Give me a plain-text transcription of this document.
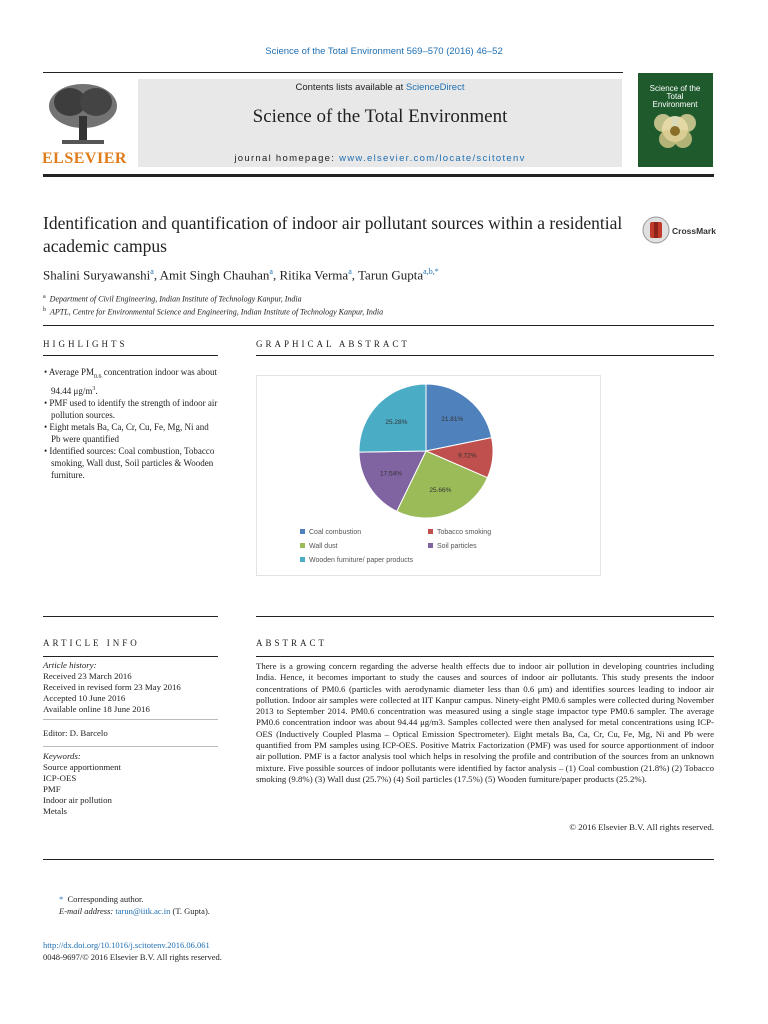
Science of the Total Environment 569–570 (2016) 46–52
ELSEVIER
Contents lists available at ScienceDirect
Science of the Total Environment
journal homepage: www.elsevier.com/locate/scitotenv
Science of the Total Environment
Identification and quantification of indoor air pollutant sources within a residential academic campus
CrossMark
Shalini Suryawanshi$^a$, Amit Singh Chauhan$^a$, Ritika Verma$^a$, Tarun Gupta$^{a,b,*}$
$^a$ Department of Civil Engineering, Indian Institute of Technology Kanpur, India
$^b$ APTL, Centre for Environmental Science and Engineering, Indian Institute of Technology Kanpur, India
HIGHLIGHTS	GRAPHICAL ABSTRACT
• Average $PM_{0.6}$ concentration indoor was about 94.44 $\mu g/m^3$.
• PMF used to identify the strength of indoor air pollution sources.
• Eight metals Ba, Ca, Cr, Cu, Fe, Mg, Ni and Pb were quantified
• Identified sources: Coal combustion, Tobacco smoking, Wall dust, Soil particles & Wooden furniture.
21.81%
9.72%
25.66%
17.54%
25.28%
Coal combustion	Tobacco smoking
Wall dust	Soil particles
Wooden furniture/ paper products
ARTICLE INFO	ABSTRACT
Article history:
Received 23 March 2016
Received in revised form 23 May 2016
Accepted 10 June 2016
Available online 18 June 2016
Editor: D. Barcelo
Keywords:
Source apportionment
ICP-OES
PMF
Indoor air pollution
Metals
There is a growing concern regarding the adverse health effects due to indoor air pollution in developing countries including India. Hence, it becomes important to study the causes and sources of indoor air pollutants. This study presents the indoor concentrations of PM0.6 (particles with aerodynamic diameter less than 0.6 μm) and identifies sources leading to indoor air pollution. Indoor air samples were collected at IIT Kanpur campus. Ninety-eight PM0.6 samples were collected during November 2013 to September 2014. PM0.6 concentration was measured using a single stage impactor type PM0.6 sampler. The average PM0.6 concentration indoor was about 94.44 μg/m3. Samples collected were then analysed for metal concentrations using ICP-OES (Inductively Coupled Plasma – Optical Emission Spectrometer). Eight metals Ba, Ca, Cr, Cu, Fe, Mg, Ni and Pb were quantified from PM samples using ICP-OES. Positive Matrix Factorization (PMF) was used for source apportionment of indoor air pollution. PMF is a factor analysis tool which helps in resolving the profile and contribution of the sources from an unknown mixture. Five possible sources of indoor pollutants were identified by factor analysis – (1) Coal combustion (21.8%) (2) Tobacco smoking (9.8%) (3) Wall dust (25.7%) (4) Soil particles (17.5%) (5) Wooden furniture/paper products (25.2%).
© 2016 Elsevier B.V. All rights reserved.
* Corresponding author.
E-mail address: tarun@iitk.ac.in (T. Gupta).
http://dx.doi.org/10.1016/j.scitotenv.2016.06.061
0048-9697/© 2016 Elsevier B.V. All rights reserved.
